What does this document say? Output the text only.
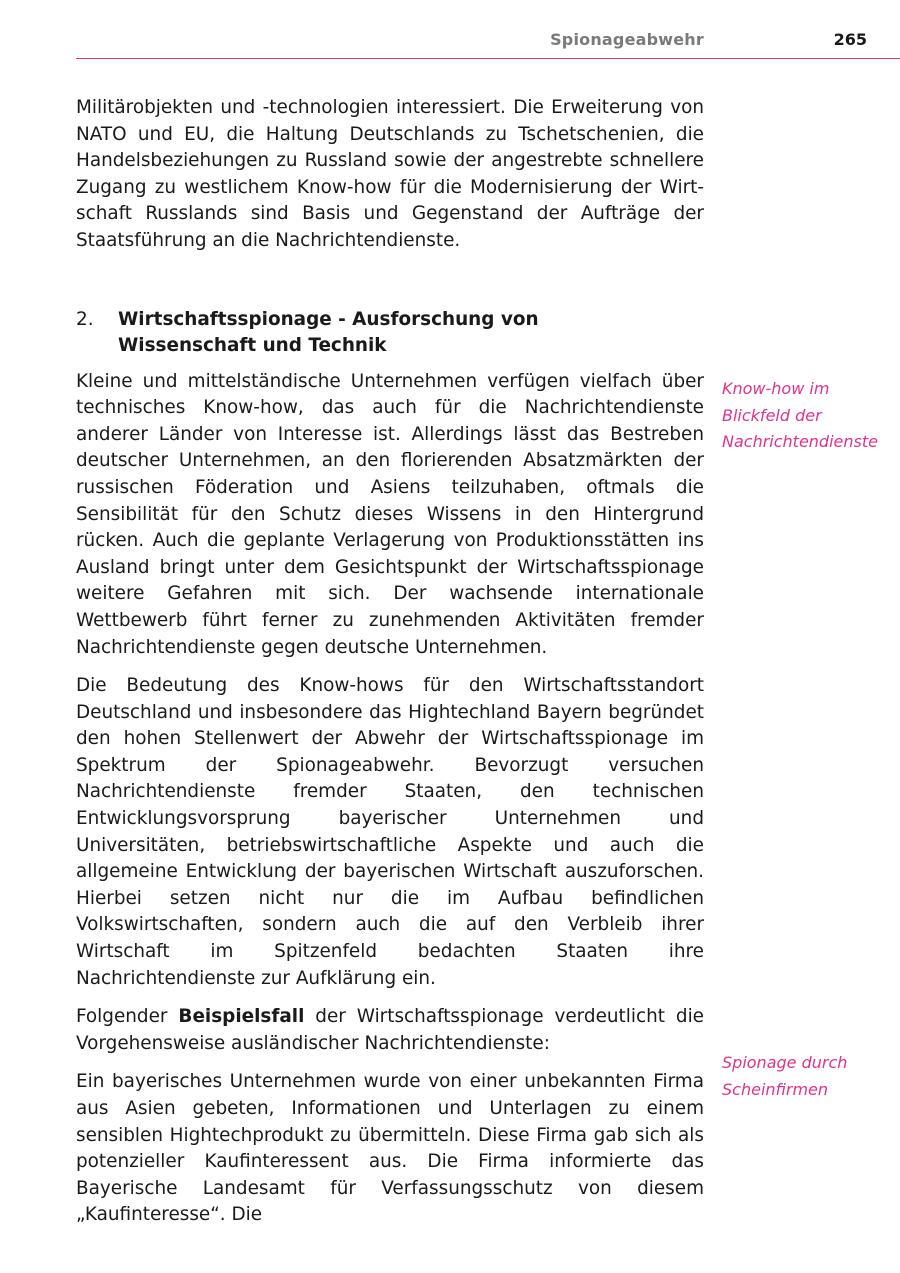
Spionageabwehr	265

Militärobjekten und -technologien interessiert. Die Erweiterung von NATO und EU, die Haltung Deutschlands zu Tschetschenien, die Handelsbeziehungen zu Russland sowie der angestrebte schnellere Zugang zu westlichem Know-how für die Modernisierung der Wirtschaft Russlands sind Basis und Gegenstand der Aufträge der Staatsführung an die Nachrichtendienste.

2.	Wirtschaftsspionage - Ausforschung von Wissenschaft und Technik

Kleine und mittelständische Unternehmen verfügen vielfach über technisches Know-how, das auch für die Nachrichtendienste anderer Länder von Interesse ist. Allerdings lässt das Bestreben deutscher Unternehmen, an den florierenden Absatzmärkten der russischen Föderation und Asiens teilzuhaben, oftmals die Sensibilität für den Schutz dieses Wissens in den Hintergrund rücken. Auch die geplante Verlagerung von Produktionsstätten ins Ausland bringt unter dem Gesichtspunkt der Wirtschaftsspionage weitere Gefahren mit sich. Der wachsende internationale Wettbewerb führt ferner zu zunehmenden Aktivitäten fremder Nachrichtendienste gegen deutsche Unternehmen.

Die Bedeutung des Know-hows für den Wirtschaftsstandort Deutschland und insbesondere das Hightechland Bayern begründet den hohen Stellenwert der Abwehr der Wirtschaftsspionage im Spektrum der Spionageabwehr. Bevorzugt versuchen Nachrichtendienste fremder Staaten, den technischen Entwicklungsvorsprung bayerischer Unternehmen und Universitäten, betriebswirtschaftliche Aspekte und auch die allgemeine Entwicklung der bayerischen Wirtschaft auszuforschen. Hierbei setzen nicht nur die im Aufbau befindlichen Volkswirtschaften, sondern auch die auf den Verbleib ihrer Wirtschaft im Spitzenfeld bedachten Staaten ihre Nachrichtendienste zur Aufklärung ein.

Folgender Beispielsfall der Wirtschaftsspionage verdeutlicht die Vorgehensweise ausländischer Nachrichtendienste:

Ein bayerisches Unternehmen wurde von einer unbekannten Firma aus Asien gebeten, Informationen und Unterlagen zu einem sensiblen Hightechprodukt zu übermitteln. Diese Firma gab sich als potenzieller Kaufinteressent aus. Die Firma informierte das Bayerische Landesamt für Verfassungsschutz von diesem „Kaufinteresse“. Die

Know-how im Blickfeld der Nachrichtendienste
Spionage durch Scheinfirmen
